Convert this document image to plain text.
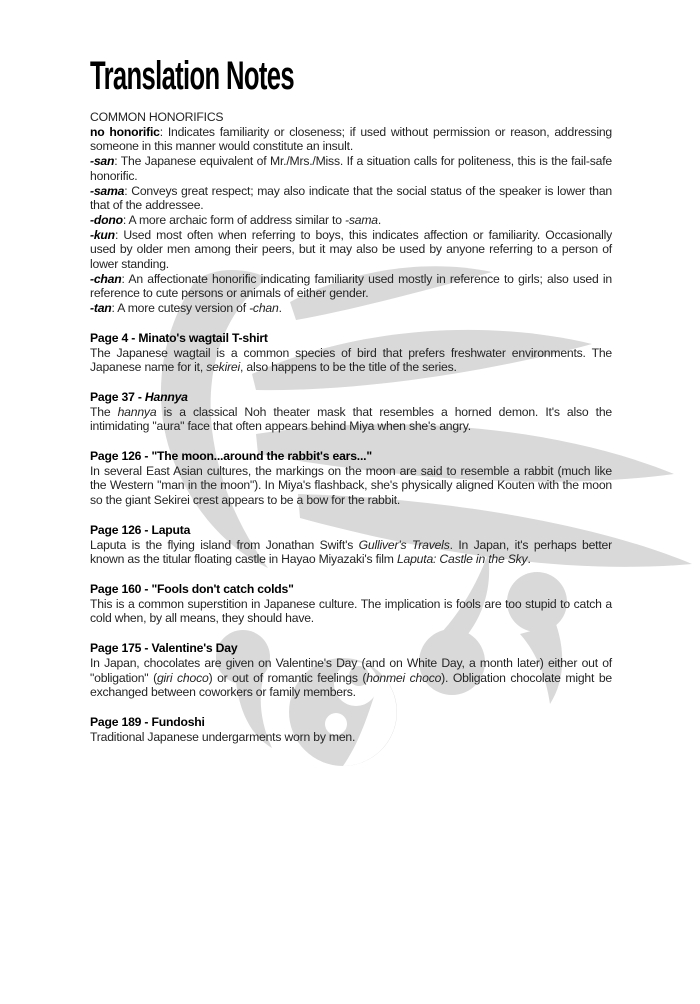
Translation Notes

COMMON HONORIFICS

no honorific: Indicates familiarity or closeness; if used without permission or reason, addressing someone in this manner would constitute an insult.

-san: The Japanese equivalent of Mr./Mrs./Miss. If a situation calls for politeness, this is the fail-safe honorific.

-sama: Conveys great respect; may also indicate that the social status of the speaker is lower than that of the addressee.

-dono: A more archaic form of address similar to -sama.

-kun: Used most often when referring to boys, this indicates affection or familiarity. Occasionally used by older men among their peers, but it may also be used by anyone referring to a person of lower standing.

-chan: An affectionate honorific indicating familiarity used mostly in reference to girls; also used in reference to cute persons or animals of either gender.

-tan: A more cutesy version of -chan.

Page 4 - Minato's wagtail T-shirt

The Japanese wagtail is a common species of bird that prefers freshwater environments. The Japanese name for it, sekirei, also happens to be the title of the series.

Page 37 - Hannya

The hannya is a classical Noh theater mask that resembles a horned demon. It's also the intimidating "aura" face that often appears behind Miya when she's angry.

Page 126 - "The moon...around the rabbit's ears..."

In several East Asian cultures, the markings on the moon are said to resemble a rabbit (much like the Western "man in the moon"). In Miya's flashback, she's physically aligned Kouten with the moon so the giant Sekirei crest appears to be a bow for the rabbit.

Page 126 - Laputa

Laputa is the flying island from Jonathan Swift's Gulliver's Travels. In Japan, it's perhaps better known as the titular floating castle in Hayao Miyazaki's film Laputa: Castle in the Sky.

Page 160 - "Fools don't catch colds"

This is a common superstition in Japanese culture. The implication is fools are too stupid to catch a cold when, by all means, they should have.

Page 175 - Valentine's Day

In Japan, chocolates are given on Valentine's Day (and on White Day, a month later) either out of "obligation" (giri choco) or out of romantic feelings (honmei choco). Obligation chocolate might be exchanged between coworkers or family members.

Page 189 - Fundoshi

Traditional Japanese undergarments worn by men.
